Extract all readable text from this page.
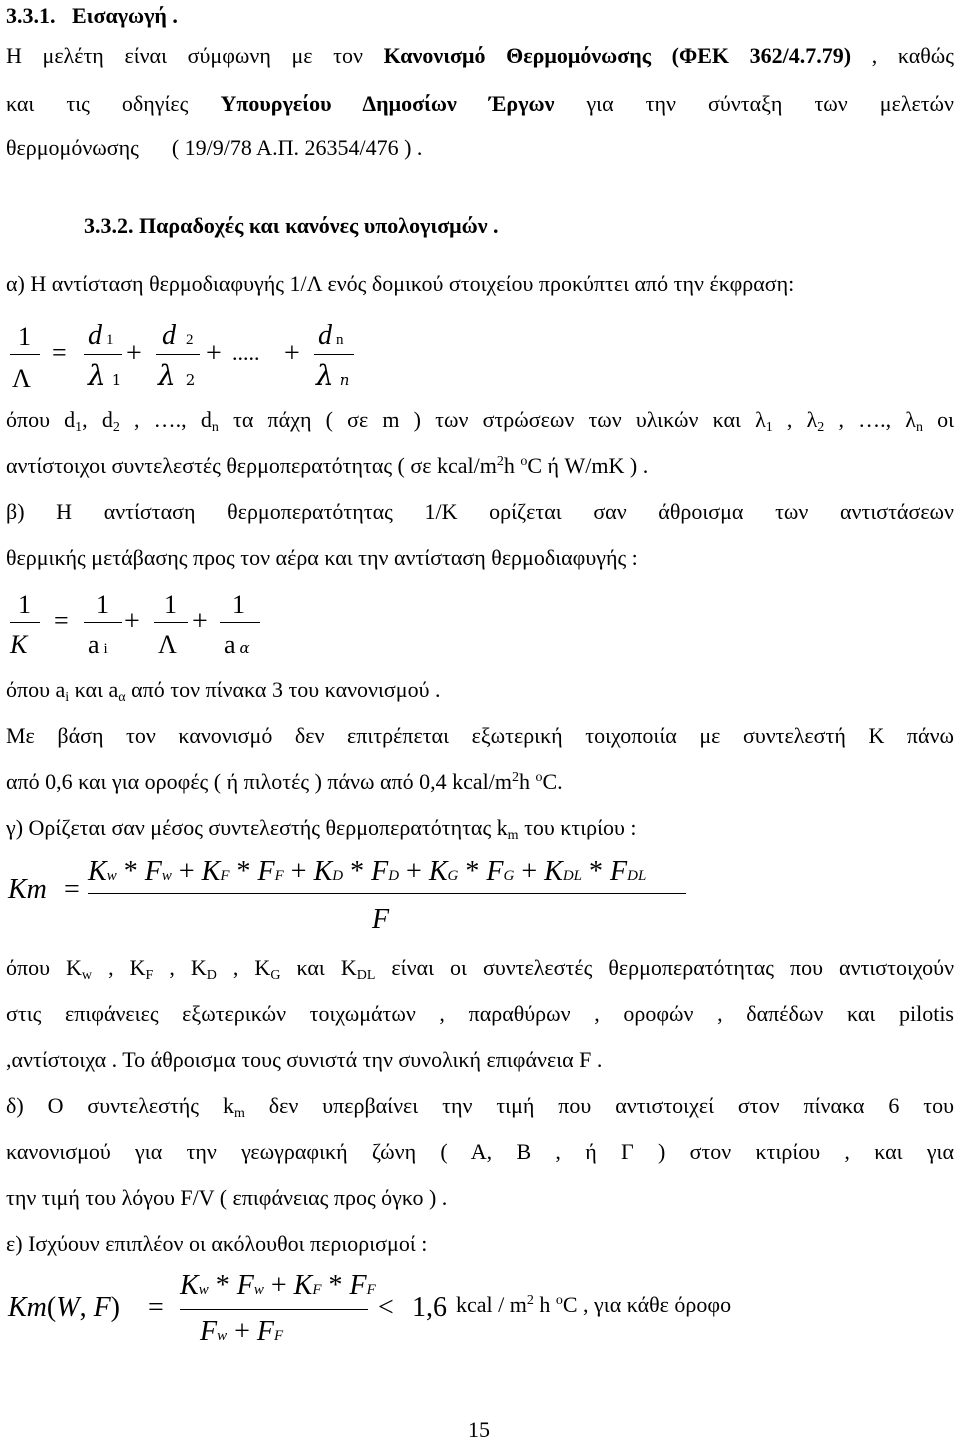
3.3.1. Εισαγωγή .
Η μελέτη είναι σύμφωνη με τον Κανονισμό Θερμομόνωσης (ΦΕΚ 362/4.7.79) , καθώς
και τις οδηγίες Υπουργείου Δημοσίων Έργων για την σύνταξη των μελετών
θερμομόνωσης      ( 19/9/78 Α.Π. 26354/476 ) .
3.3.2. Παραδοχές και κανόνες υπολογισμών .
α) Η αντίσταση θερμοδιαφυγής 1/Λ ενός δομικού στοιχείου προκύπτει από την έκφραση:
1
Λ
=
d 1
λ 1
+
d 2
λ 2
+ ..... +
dn
λn
όπου $d_1$, $d_2$ , …., $d_n$ τα πάχη ( σε m ) των στρώσεων των υλικών και $\lambda_1$ , $\lambda_2$ , …., $\lambda_n$ οι
αντίστοιχοι συντελεστές θερμοπερατότητας ( σε kcal/$m^2h$ $^o$C ή W/mK ) .
β) Η αντίσταση θερμοπερατότητας 1/Κ ορίζεται σαν άθροισμα των αντιστάσεων
θερμικής μετάβασης προς τον αέρα και την αντίσταση θερμοδιαφυγής :
1
K
=
1
ai
+
1
Λ
+
1
aα
όπου $a_i$ και $a_\alpha$ από τον πίνακα 3 του κανονισμού .
Με βάση τον κανονισμό δεν επιτρέπεται εξωτερική τοιχοποιία με συντελεστή Κ πάνω
από 0,6 και για οροφές ( ή πιλοτές ) πάνω από 0,4 kcal/$m^2h$ $^o$C.
γ) Ορίζεται σαν μέσος συντελεστής θερμοπερατότητας $k_m$ του κτιρίου :
Km =
Kw * Fw + KF * FF + KD * FD + KG * FG + KDL * FDL
F
όπου $K_w$ , $K_F$ , $K_D$ , $K_G$ και $K_{DL}$ είναι οι συντελεστές θερμοπερατότητας που αντιστοιχούν
στις επιφάνειες εξωτερικών τοιχωμάτων , παραθύρων , οροφών , δαπέδων και pilotis
,αντίστοιχα . Το άθροισμα τους συνιστά την συνολική επιφάνεια F .
δ) Ο συντελεστής $k_m$ δεν υπερβαίνει την τιμή που αντιστοιχεί στον πίνακα 6 του
κανονισμού για την γεωγραφική ζώνη ( Α, Β , ή Γ ) στον κτιρίου , και για
την τιμή του λόγου F/V ( επιφάνειας προς όγκο ) .
ε) Ισχύουν επιπλέον οι ακόλουθοι περιορισμοί :
Km(W, F) =
Kw * Fw + KF * FF
Fw + FF
< 1,6 kcal / $m^2$ h $^o$C , για κάθε όροφο
15
